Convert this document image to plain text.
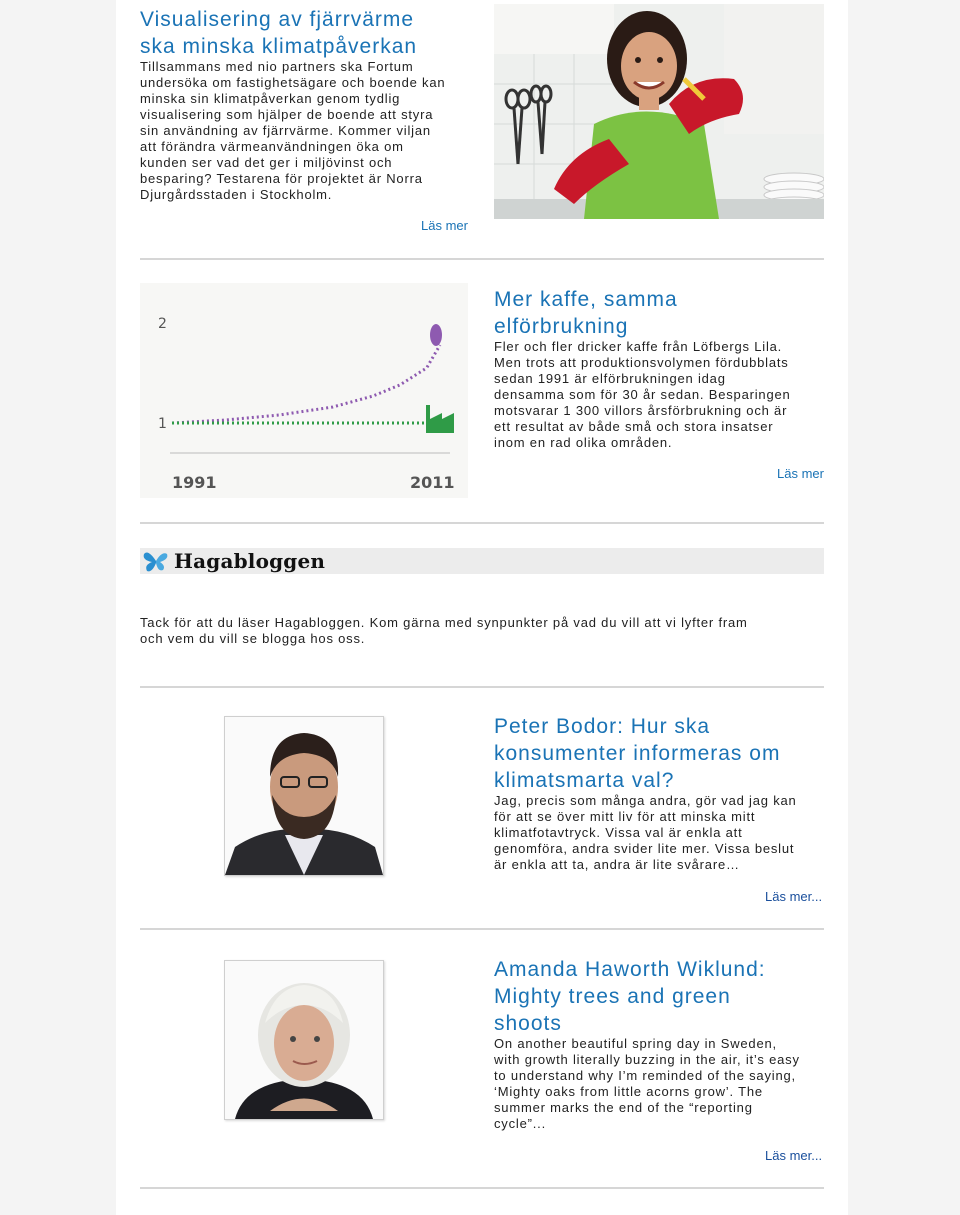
Visualisering av fjärrvärme
ska minska klimatpåverkan
Tillsammans med nio partners ska Fortum
undersöka om fastighetsägare och boende kan
minska sin klimatpåverkan genom tydlig
visualisering som hjälper de boende att styra
sin användning av fjärrvärme. Kommer viljan
att förändra värmeanvändningen öka om
kunden ser vad det ger i miljövinst och
besparing? Testarena för projektet är Norra
Djurgårdsstaden i Stockholm.
Läs mer
1
2
1991	2011
Mer kaffe, samma
elförbrukning
Fler och fler dricker kaffe från Löfbergs Lila.
Men trots att produktionsvolymen fördubblats
sedan 1991 är elförbrukningen idag
densamma som för 30 år sedan. Besparingen
motsvarar 1 300 villors årsförbrukning och är
ett resultat av både små och stora insatser
inom en rad olika områden.
Läs mer
Hagabloggen
Tack för att du läser Hagabloggen. Kom gärna med synpunkter på vad du vill att vi lyfter fram
och vem du vill se blogga hos oss.
Peter Bodor: Hur ska
konsumenter informeras om
klimatsmarta val?
Jag, precis som många andra, gör vad jag kan
för att se över mitt liv för att minska mitt
klimatfotavtryck. Vissa val är enkla att
genomföra, andra svider lite mer. Vissa beslut
är enkla att ta, andra är lite svårare…
Läs mer...
Amanda Haworth Wiklund:
Mighty trees and green
shoots
On another beautiful spring day in Sweden,
with growth literally buzzing in the air, it’s easy
to understand why I’m reminded of the saying,
‘Mighty oaks from little acorns grow’. The
summer marks the end of the “reporting
cycle”...
Läs mer...
